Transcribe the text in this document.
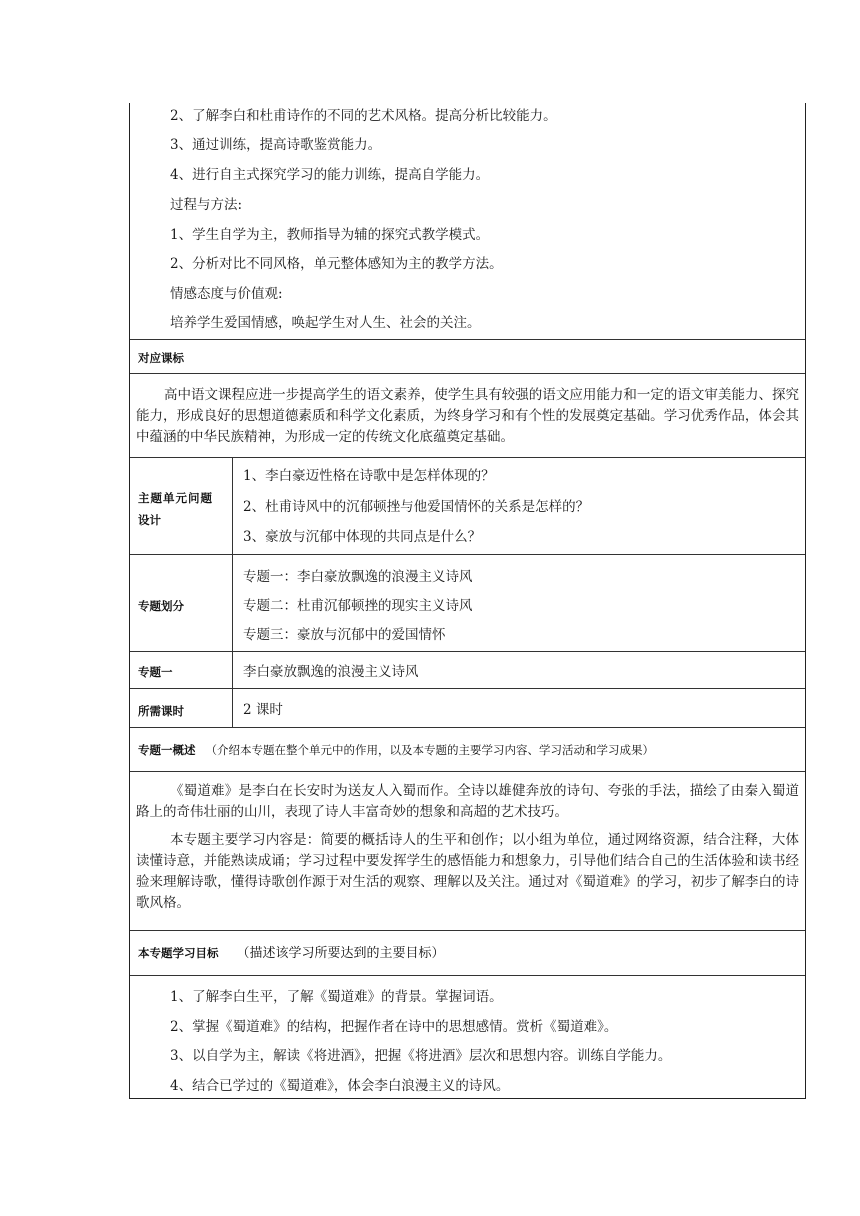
2、了解李白和杜甫诗作的不同的艺术风格。提高分析比较能力。
3、通过训练，提高诗歌鉴赏能力。
4、进行自主式探究学习的能力训练，提高自学能力。
过程与方法:
1、学生自学为主，教师指导为辅的探究式教学模式。
2、分析对比不同风格，单元整体感知为主的教学方法。
情感态度与价值观:
培养学生爱国情感，唤起学生对人生、社会的关注。
对应课标
高中语文课程应进一步提高学生的语文素养，使学生具有较强的语文应用能力和一定的语文审美能力、探究能力，形成良好的思想道德素质和科学文化素质，为终身学习和有个性的发展奠定基础。学习优秀作品，体会其中蕴涵的中华民族精神，为形成一定的传统文化底蕴奠定基础。
主题单元问题
设计
1、李白豪迈性格在诗歌中是怎样体现的？
2、杜甫诗风中的沉郁顿挫与他爱国情怀的关系是怎样的？
3、豪放与沉郁中体现的共同点是什么？
专题划分
专题一：李白豪放飘逸的浪漫主义诗风
专题二：杜甫沉郁顿挫的现实主义诗风
专题三：豪放与沉郁中的爱国情怀
专题一	李白豪放飘逸的浪漫主义诗风
所需课时	2 课时
专题一概述 （介绍本专题在整个单元中的作用，以及本专题的主要学习内容、学习活动和学习成果）
《蜀道难》是李白在长安时为送友人入蜀而作。全诗以雄健奔放的诗句、夸张的手法，描绘了由秦入蜀道路上的奇伟壮丽的山川，表现了诗人丰富奇妙的想象和高超的艺术技巧。
本专题主要学习内容是：简要的概括诗人的生平和创作；以小组为单位，通过网络资源，结合注释，大体读懂诗意，并能熟读成诵；学习过程中要发挥学生的感悟能力和想象力，引导他们结合自己的生活体验和读书经验来理解诗歌，懂得诗歌创作源于对生活的观察、理解以及关注。通过对《蜀道难》的学习，初步了解李白的诗歌风格。
本专题学习目标 （描述该学习所要达到的主要目标）
1、了解李白生平，了解《蜀道难》的背景。掌握词语。
2、掌握《蜀道难》的结构，把握作者在诗中的思想感情。赏析《蜀道难》。
3、以自学为主，解读《将进酒》，把握《将进酒》层次和思想内容。训练自学能力。
4、结合已学过的《蜀道难》，体会李白浪漫主义的诗风。
